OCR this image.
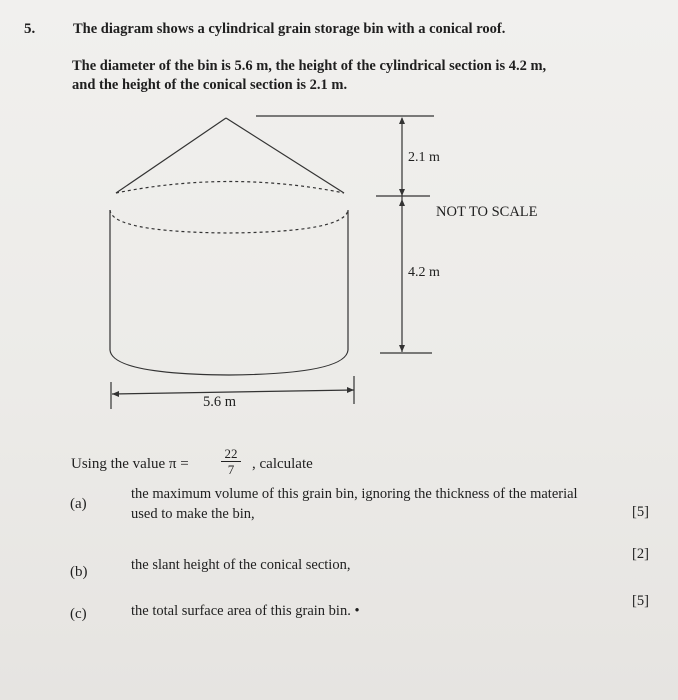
5.	The diagram shows a cylindrical grain storage bin with a conical roof.
The diameter of the bin is 5.6 m, the height of the cylindrical section is 4.2 m,
and the height of the conical section is 2.1 m.
2.1 m
NOT TO SCALE
4.2 m
5.6 m
Using the value $\pi = \frac{22}{7}$ , calculate
(a)
the maximum volume of this grain bin, ignoring the thickness of the material
used to make the bin,	[5]
(b)	the slant height of the conical section,
[2]
(c)	the total surface area of this grain bin. •
[5]
